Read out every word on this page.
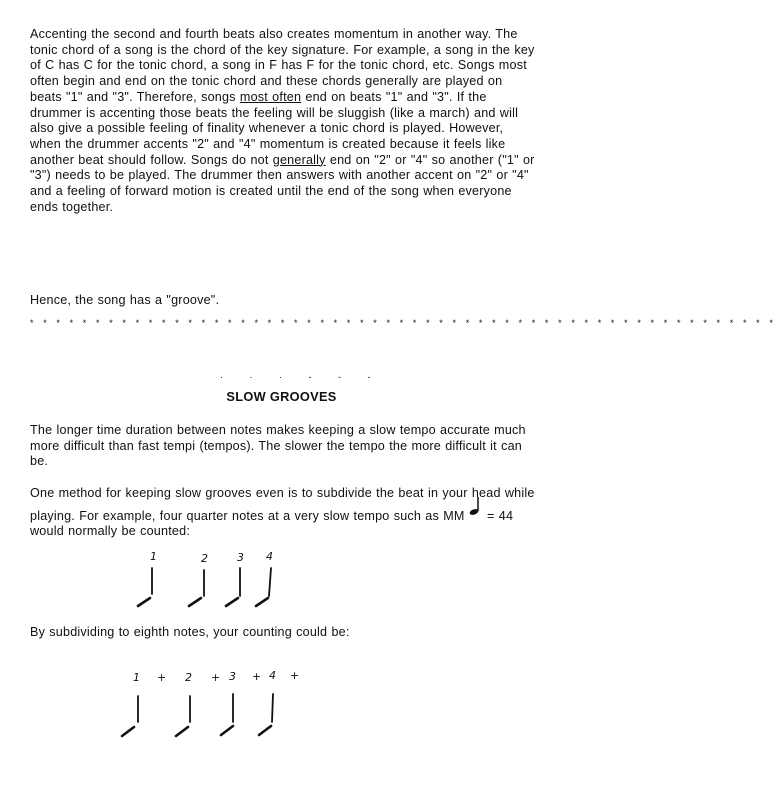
Accenting the second and fourth beats also creates momentum in another way. The tonic chord of a song is the chord of the key signature. For example, a song in the key of C has C for the tonic chord, a song in F has F for the tonic chord, etc. Songs most often begin and end on the tonic chord and these chords generally are played on beats "1" and "3". Therefore, songs most often end on beats "1" and "3". If the drummer is accenting those beats the feeling will be sluggish (like a march) and will also give a possible feeling of finality whenever a tonic chord is played. However, when the drummer accents "2" and "4" momentum is created because it feels like another beat should follow. Songs do not generally end on "2" or "4" so another ("1" or "3") needs to be played. The drummer then answers with another accent on "2" or "4" and a feeling of forward motion is created until the end of the song when everyone ends together.
Hence, the song has a "groove".
* * * * * * * * * * * * * * * * * * * * * * * * * * * * * * * * * * * * * * * * * * * * * * * * * * * * * * * * *
· · · - - -
SLOW GROOVES
The longer time duration between notes makes keeping a slow tempo accurate much more difficult than fast tempi (tempos). The slower the tempo the more difficult it can be.
One method for keeping slow grooves even is to subdivide the beat in your head while playing. For example, four quarter notes at a very slow tempo such as MM  = 44 would normally be counted:
1	2	3 4
By subdividing to eighth notes, your counting could be:
1 + 2 + 3 + 4 +
